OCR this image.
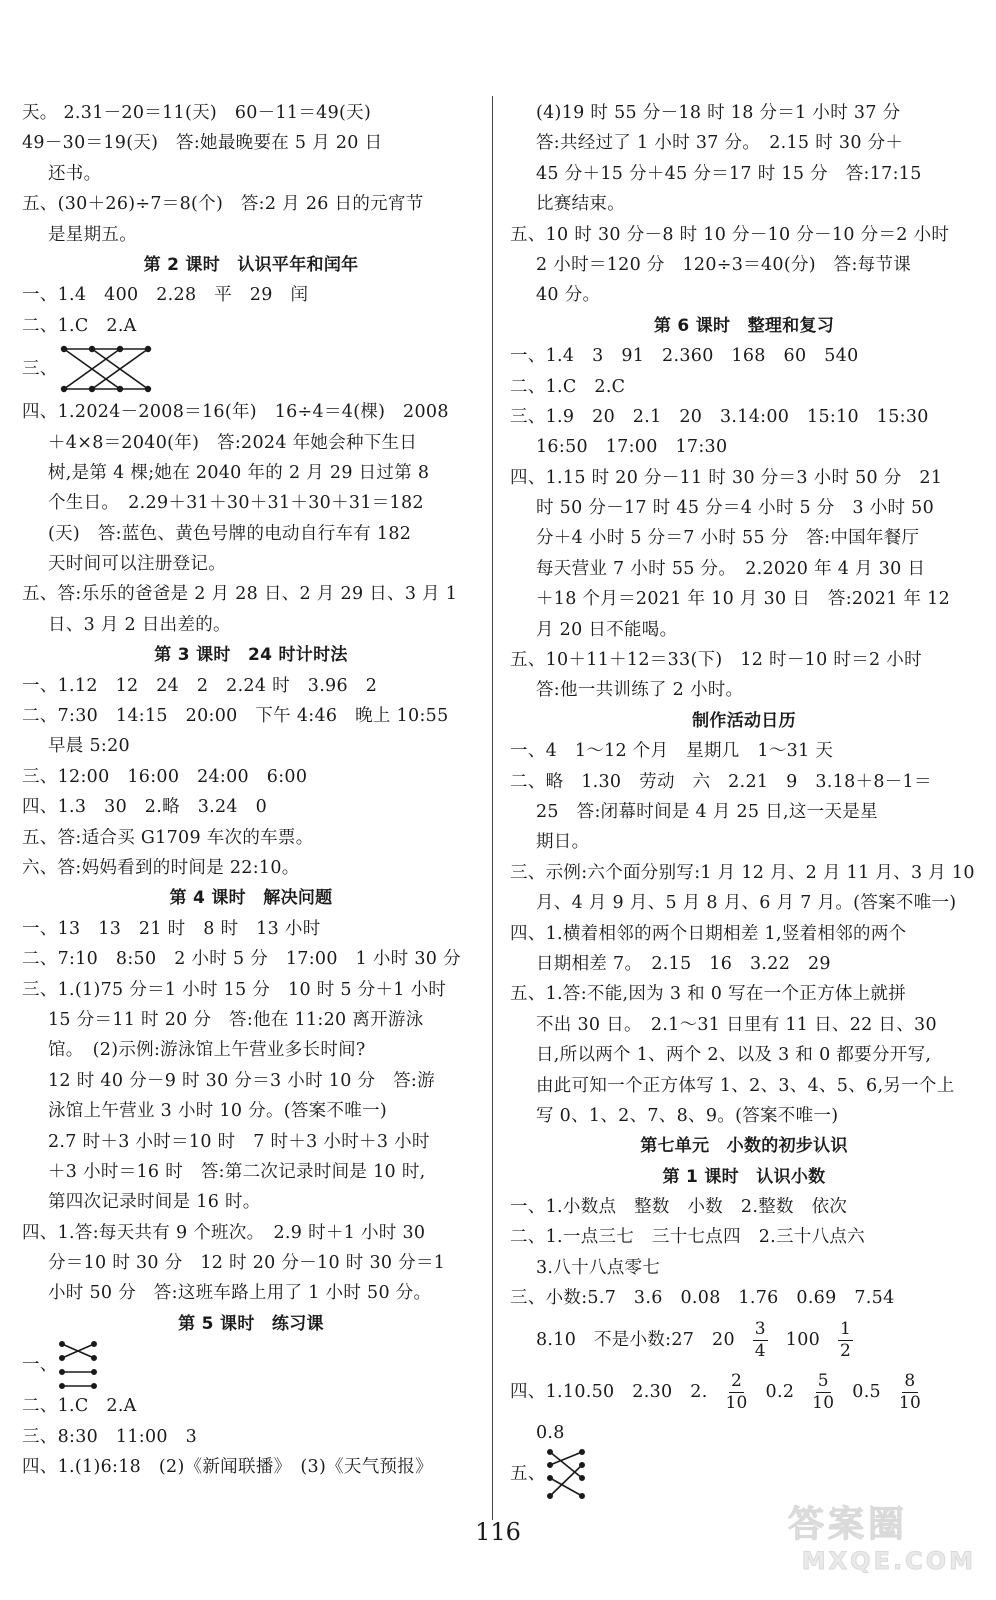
天。 2.31－20＝11(天)　60－11＝49(天)
49－30＝19(天)　答:她最晚要在 5 月 20 日
还书。
五、(30＋26)÷7＝8(个)　答:2 月 26 日的元宵节
是星期五。
第 2 课时　认识平年和闰年
一、1.4　400　2.28　平　29　闰
二、1.C　2.A
三、
四、1.2024－2008＝16(年)　16÷4＝4(棵)　2008
＋4×8＝2040(年)　答:2024 年她会种下生日
树,是第 4 棵;她在 2040 年的 2 月 29 日过第 8
个生日。　2.29＋31＋30＋31＋30＋31＝182
(天)　答:蓝色、黄色号牌的电动自行车有 182
天时间可以注册登记。
五、答:乐乐的爸爸是 2 月 28 日、2 月 29 日、3 月 1
日、3 月 2 日出差的。
第 3 课时　24 时计时法
一、1.12　12　24　2　2.24 时　3.96　2
二、7:30　14:15　20:00　下午 4:46　晚上 10:55
早晨 5:20
三、12:00　16:00　24:00　6:00
四、1.3　30　2.略　3.24　0
五、答:适合买 G1709 车次的车票。
六、答:妈妈看到的时间是 22:10。
第 4 课时　解决问题
一、13　13　21 时　8 时　13 小时
二、7:10　8:50　2 小时 5 分　17:00　1 小时 30 分
三、1.(1)75 分＝1 小时 15 分　10 时 5 分＋1 小时
15 分＝11 时 20 分　答:他在 11:20 离开游泳
馆。　(2)示例:游泳馆上午营业多长时间?
12 时 40 分－9 时 30 分＝3 小时 10 分　答:游
泳馆上午营业 3 小时 10 分。(答案不唯一)
2.7 时＋3 小时＝10 时　7 时＋3 小时＋3 小时
＋3 小时＝16 时　答:第二次记录时间是 10 时,
第四次记录时间是 16 时。
四、1.答:每天共有 9 个班次。　2.9 时＋1 小时 30
分＝10 时 30 分　12 时 20 分－10 时 30 分＝1
小时 50 分　答:这班车路上用了 1 小时 50 分。
第 5 课时　练习课
一、
二、1.C　2.A
三、8:30　11:00　3
四、1.(1)6:18　(2)《新闻联播》　(3)《天气预报》
(4)19 时 55 分－18 时 18 分＝1 小时 37 分
答:共经过了 1 小时 37 分。　2.15 时 30 分＋
45 分＋15 分＋45 分＝17 时 15 分　答:17:15
比赛结束。
五、10 时 30 分－8 时 10 分－10 分－10 分＝2 小时
2 小时＝120 分　120÷3＝40(分)　答:每节课
40 分。
第 6 课时　整理和复习
一、1.4　3　91　2.360　168　60　540
二、1.C　2.C
三、1.9　20　2.1　20　3.14:00　15:10　15:30
16:50　17:00　17:30
四、1.15 时 20 分－11 时 30 分＝3 小时 50 分　21
时 50 分－17 时 45 分＝4 小时 5 分　3 小时 50
分＋4 小时 5 分＝7 小时 55 分　答:中国年餐厅
每天营业 7 小时 55 分。　2.2020 年 4 月 30 日
＋18 个月＝2021 年 10 月 30 日　答:2021 年 12
月 20 日不能喝。
五、10＋11＋12＝33(下)　12 时－10 时＝2 小时
答:他一共训练了 2 小时。
制作活动日历
一、4　1～12 个月　星期几　1～31 天
二、略　1.30　劳动　六　2.21　9　3.18＋8－1＝
25　答:闭幕时间是 4 月 25 日,这一天是星
期日。
三、示例:六个面分别写:1 月 12 月、2 月 11 月、3 月 10
月、4 月 9 月、5 月 8 月、6 月 7 月。(答案不唯一)
四、1.横着相邻的两个日期相差 1,竖着相邻的两个
日期相差 7。　2.15　16　3.22　29
五、1.答:不能,因为 3 和 0 写在一个正方体上就拼
不出 30 日。　2.1～31 日里有 11 日、22 日、30
日,所以两个 1、两个 2、以及 3 和 0 都要分开写,
由此可知一个正方体写 1、2、3、4、5、6,另一个上
写 0、1、2、7、8、9。(答案不唯一)
第七单元　小数的初步认识
第 1 课时　认识小数
一、1.小数点　整数　小数　2.整数　依次
二、1.一点三七　三十七点四　2.三十八点六
3.八十八点零七
三、小数:5.7　3.6　0.08　1.76　0.69　7.54
8.10　不是小数:27　$20 \frac{3}{4} 100 \frac{1}{2}$
四、1.10.50　2.30　2. $\frac{2}{10} 0.2 \frac{5}{10} 0.5 \frac{8}{10}$
0.8
五、
116	答案圈
MXQE.COM
